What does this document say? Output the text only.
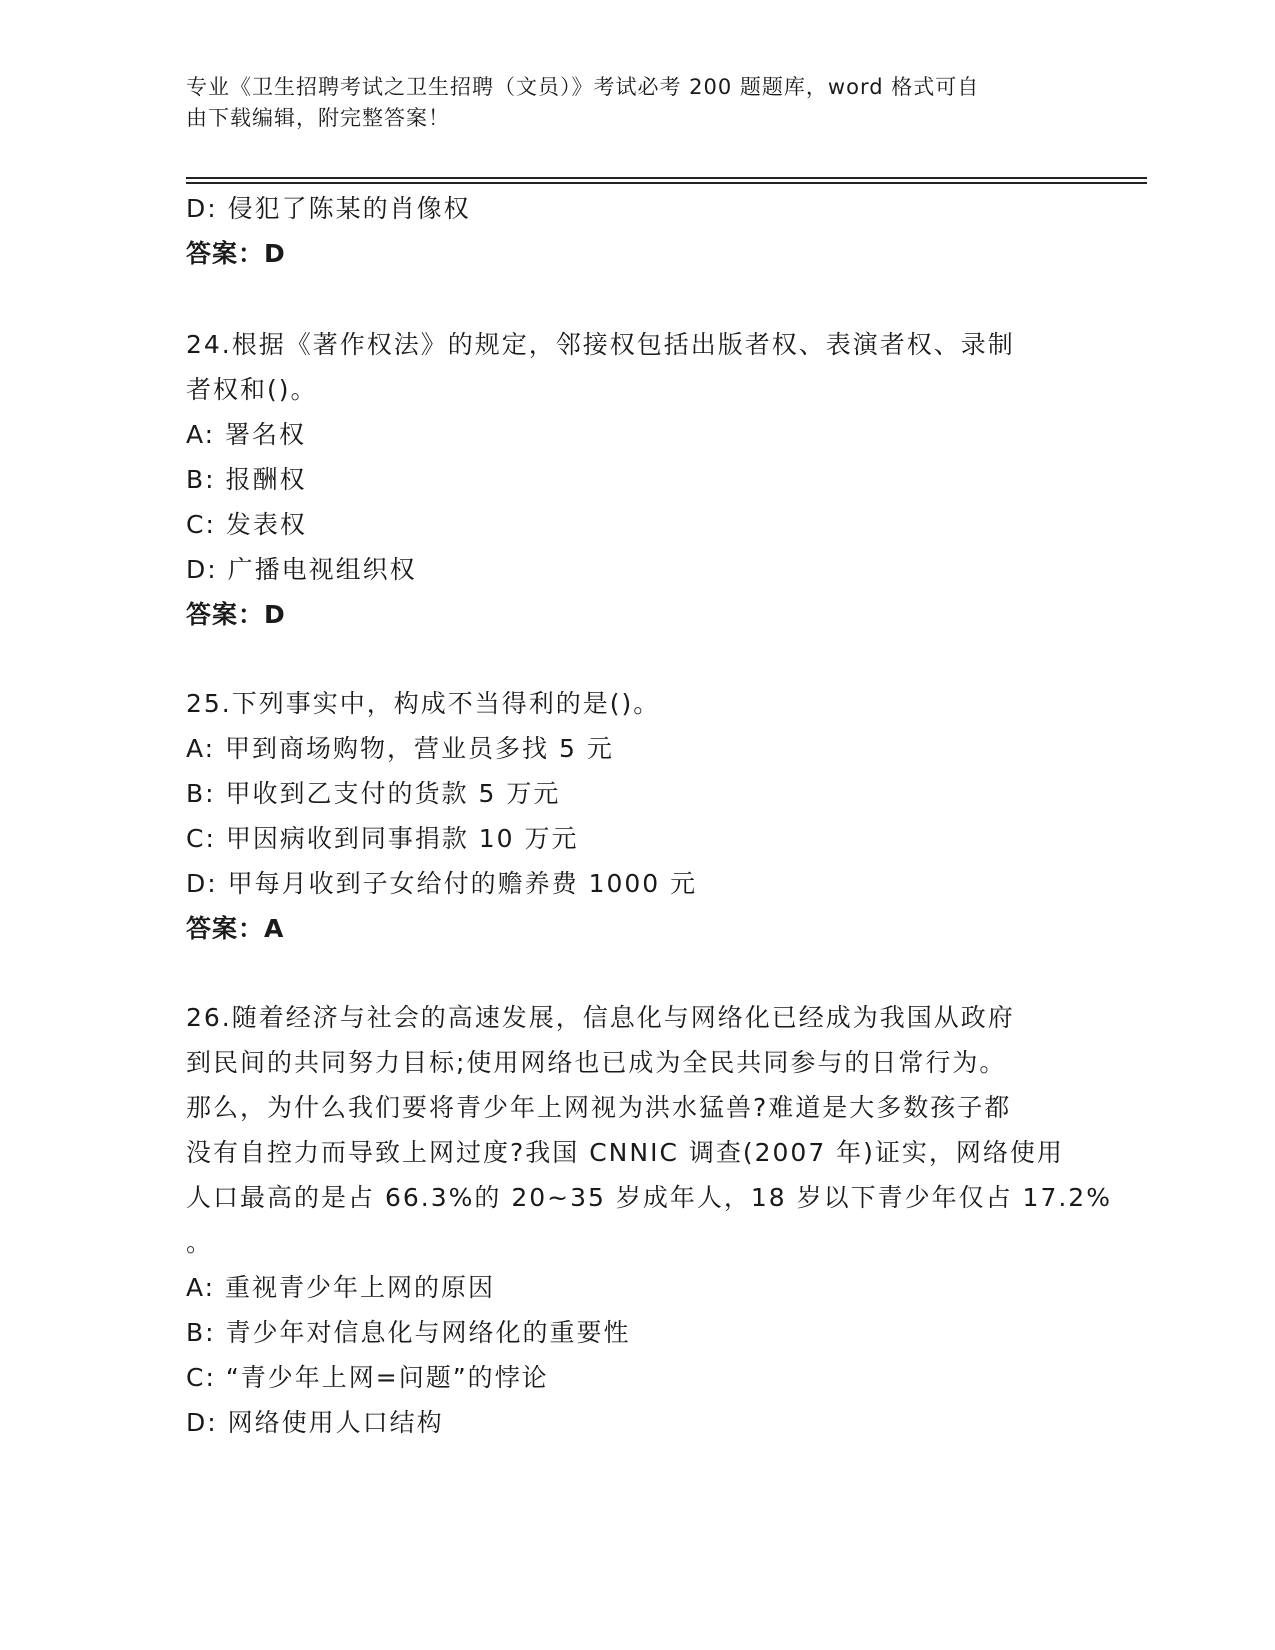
专业《卫生招聘考试之卫生招聘（文员）》考试必考 200 题题库，word 格式可自
由下载编辑，附完整答案！
D: 侵犯了陈某的肖像权
答案：D
24.根据《著作权法》的规定，邻接权包括出版者权、表演者权、录制
者权和()。
A: 署名权
B: 报酬权
C: 发表权
D: 广播电视组织权
答案：D
25.下列事实中，构成不当得利的是()。
A: 甲到商场购物，营业员多找 5 元
B: 甲收到乙支付的货款 5 万元
C: 甲因病收到同事捐款 10 万元
D: 甲每月收到子女给付的赡养费 1000 元
答案：A
26.随着经济与社会的高速发展，信息化与网络化已经成为我国从政府
到民间的共同努力目标;使用网络也已成为全民共同参与的日常行为。
那么，为什么我们要将青少年上网视为洪水猛兽?难道是大多数孩子都
没有自控力而导致上网过度?我国 CNNIC 调查(2007 年)证实，网络使用
人口最高的是占 66.3%的 20~35 岁成年人，18 岁以下青少年仅占 17.2%
。
A: 重视青少年上网的原因
B: 青少年对信息化与网络化的重要性
C: “青少年上网=问题”的悖论
D: 网络使用人口结构
